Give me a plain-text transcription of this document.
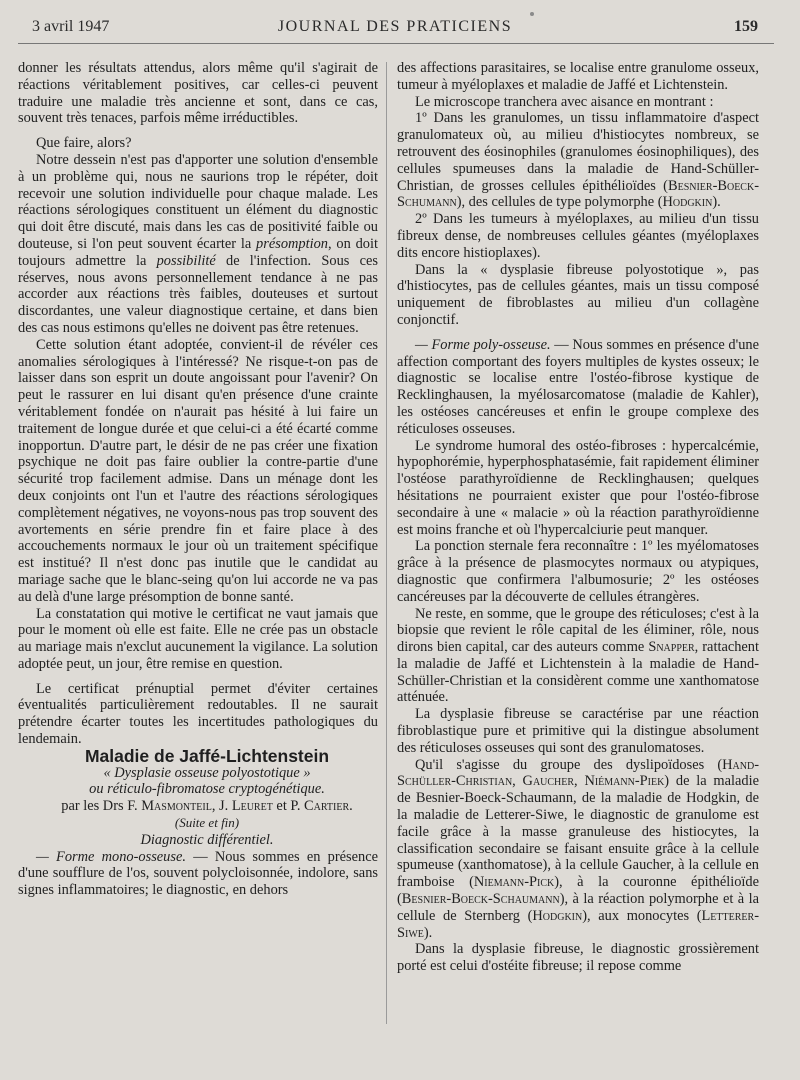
3 avril 1947	JOURNAL DES PRATICIENS	159

donner les résultats attendus, alors même qu'il s'agirait de réactions véritablement positives, car celles-ci peuvent traduire une maladie très ancienne et sont, dans ce cas, souvent très tenaces, parfois même irréductibles.

Que faire, alors?

Notre dessein n'est pas d'apporter une solution d'ensemble à un problème qui, nous ne saurions trop le répéter, doit recevoir une solution individuelle pour chaque malade. Les réactions sérologiques constituent un élément du diagnostic qui doit être discuté, mais dans les cas de positivité faible ou douteuse, si l'on peut souvent écarter la présomption, on doit toujours admettre la possibilité de l'infection. Sous ces réserves, nous avons personnellement tendance à ne pas accorder aux réactions très faibles, douteuses et surtout discordantes, une valeur diagnostique certaine, et dans bien des cas nous estimons qu'elles ne doivent pas être retenues.

Cette solution étant adoptée, convient-il de révéler ces anomalies sérologiques à l'intéressé? Ne risque-t-on pas de laisser dans son esprit un doute angoissant pour l'avenir? On peut le rassurer en lui disant qu'en présence d'une crainte véritablement fondée on n'aurait pas hésité à lui faire un traitement de longue durée et que celui-ci a été écarté comme inopportun. D'autre part, le désir de ne pas créer une fixation psychique ne doit pas faire oublier la contre-partie d'une sécurité trop facilement admise. Dans un ménage dont les deux conjoints ont l'un et l'autre des réactions sérologiques complètement négatives, ne voyons-nous pas trop souvent des avortements en série prendre fin et faire place à des accouchements normaux le jour où un traitement spécifique est institué? Il n'est donc pas inutile que le candidat au mariage sache que le blanc-seing qu'on lui accorde ne va pas au delà d'une large présomption de bonne santé.

La constatation qui motive le certificat ne vaut jamais que pour le moment où elle est faite. Elle ne crée pas un obstacle au mariage mais n'exclut aucunement la vigilance. La solution adoptée peut, un jour, être remise en question.

Le certificat prénuptial permet d'éviter certaines éventualités particulièrement redoutables. Il ne saurait prétendre écarter toutes les incertitudes pathologiques du lendemain.

Maladie de Jaffé-Lichtenstein

« Dysplasie osseuse polyostotique »

ou réticulo-fibromatose cryptogénétique.

par les Drs F. Masmonteil, J. Leuret et P. Cartier.

(Suite et fin)

Diagnostic différentiel.

— Forme mono-osseuse. — Nous sommes en présence d'une soufflure de l'os, souvent polycloisonnée, indolore, sans signes inflammatoires; le diagnostic, en dehors

des affections parasitaires, se localise entre granulome osseux, tumeur à myéloplaxes et maladie de Jaffé et Lichtenstein.

Le microscope tranchera avec aisance en montrant :

1º Dans les granulomes, un tissu inflammatoire d'aspect granulomateux où, au milieu d'histiocytes nombreux, se retrouvent des éosinophiles (granulomes éosinophiliques), des cellules spumeuses dans la maladie de Hand-Schüller-Christian, de grosses cellules épithélioïdes (Besnier-Boeck-Schumann), des cellules de type polymorphe (Hodgkin).

2º Dans les tumeurs à myéloplaxes, au milieu d'un tissu fibreux dense, de nombreuses cellules géantes (myéloplaxes dits encore histioplaxes).

Dans la « dysplasie fibreuse polyostotique », pas d'histiocytes, pas de cellules géantes, mais un tissu composé uniquement de fibroblastes au milieu d'un collagène conjonctif.

— Forme poly-osseuse. — Nous sommes en présence d'une affection comportant des foyers multiples de kystes osseux; le diagnostic se localise entre l'ostéo-fibrose kystique de Recklinghausen, la myélosarcomatose (maladie de Kahler), les ostéoses cancéreuses et enfin le groupe complexe des réticuloses osseuses.

Le syndrome humoral des ostéo-fibroses : hypercalcémie, hypophorémie, hyperphosphatasémie, fait rapidement éliminer l'ostéose parathyroïdienne de Recklinghausen; quelques hésitations ne pourraient exister que pour l'ostéo-fibrose secondaire à une « malacie » où la réaction parathyroïdienne est moins franche et où l'hypercalciurie peut manquer.

La ponction sternale fera reconnaître : 1º les myélomatoses grâce à la présence de plasmocytes normaux ou atypiques, diagnostic que confirmera l'albumosurie; 2º les ostéoses cancéreuses par la découverte de cellules étrangères.

Ne reste, en somme, que le groupe des réticuloses; c'est à la biopsie que revient le rôle capital de les éliminer, rôle, nous dirons bien capital, car des auteurs comme Snapper, rattachent la maladie de Jaffé et Lichtenstein à la maladie de Hand-Schüller-Christian et la considèrent comme une xanthomatose atténuée.

La dysplasie fibreuse se caractérise par une réaction fibroblastique pure et primitive qui la distingue absolument des réticuloses osseuses qui sont des granulomatoses.

Qu'il s'agisse du groupe des dyslipoïdoses (Hand-Schüller-Christian, Gaucher, Niémann-Piek) de la maladie de Besnier-Boeck-Schaumann, de la maladie de Hodgkin, de la maladie de Letterer-Siwe, le diagnostic de granulome est facile grâce à la masse granuleuse des histiocytes, la classification secondaire se faisant ensuite grâce à la cellule spumeuse (xanthomatose), à la cellule Gaucher, à la cellule en framboise (Niemann-Pick), à la couronne épithélioïde (Besnier-Boeck-Schaumann), à la réaction polymorphe et à la cellule de Sternberg (Hodgkin), aux monocytes (Letterer-Siwe).

Dans la dysplasie fibreuse, le diagnostic grossièrement porté est celui d'ostéite fibreuse; il repose comme
